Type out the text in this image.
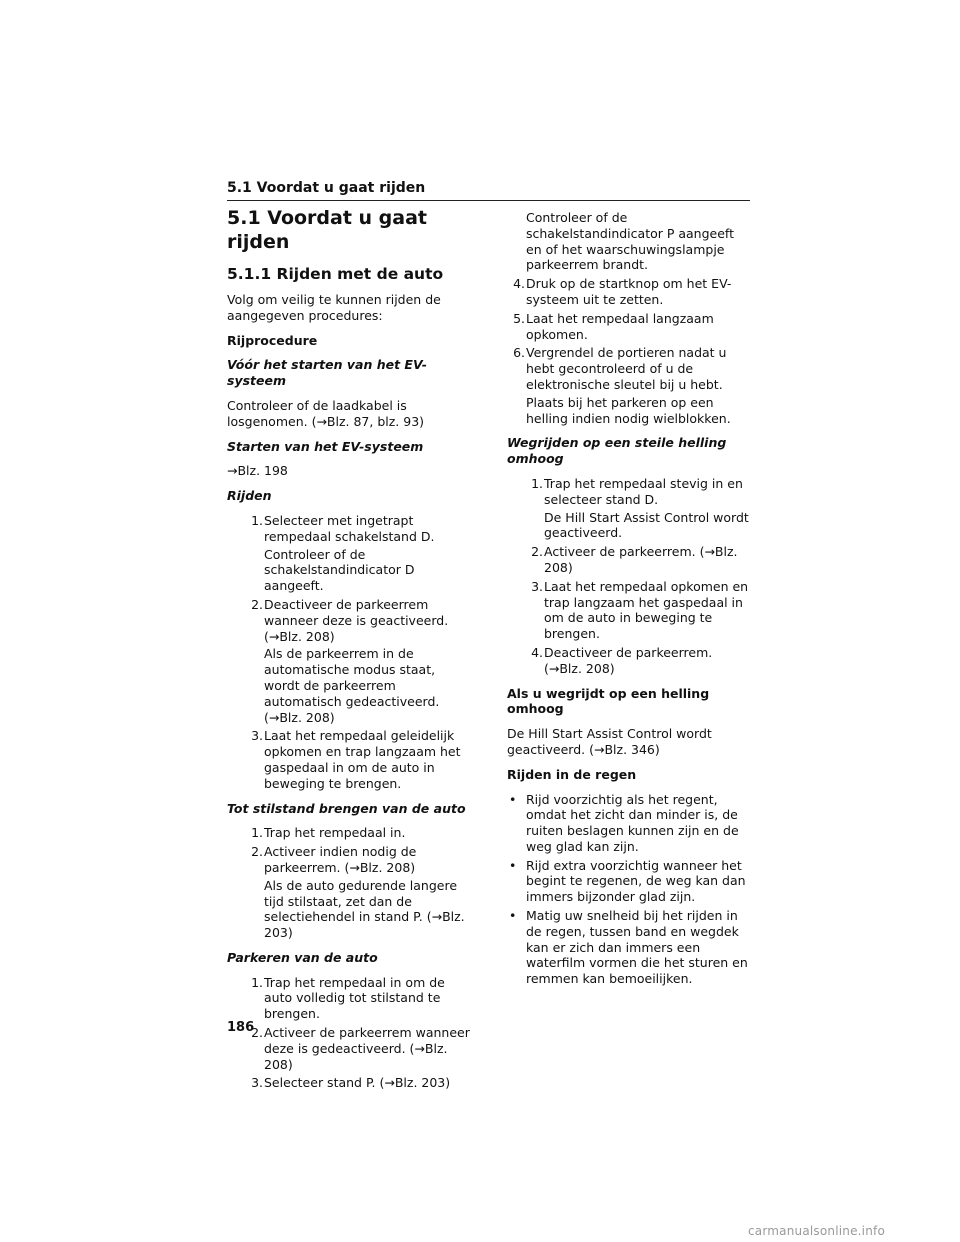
5.1 Voordat u gaat rijden
5.1 Voordat u gaat rijden
5.1.1 Rijden met de auto

Volg om veilig te kunnen rijden de aangegeven procedures:

Rijprocedure

Vóór het starten van het EV-systeem

Controleer of de laadkabel is losgenomen. (→Blz. 87, blz. 93)

Starten van het EV-systeem

→Blz. 198

Rijden

1. Selecteer met ingetrapt rempedaal schakelstand D.
Controleer of de schakelstandindicator D aangeeft.
2. Deactiveer de parkeerrem wanneer deze is geactiveerd. (→Blz. 208)
Als de parkeerrem in de automatische modus staat, wordt de parkeerrem automatisch gedeactiveerd. (→Blz. 208)
3. Laat het rempedaal geleidelijk opkomen en trap langzaam het gaspedaal in om de auto in beweging te brengen.

Tot stilstand brengen van de auto

1. Trap het rempedaal in.
2. Activeer indien nodig de parkeerrem. (→Blz. 208)
Als de auto gedurende langere tijd stilstaat, zet dan de selectiehendel in stand P. (→Blz. 203)

Parkeren van de auto

1. Trap het rempedaal in om de auto volledig tot stilstand te brengen.
2. Activeer de parkeerrem wanneer deze is gedeactiveerd. (→Blz. 208)
3. Selecteer stand P. (→Blz. 203)

Controleer of de schakelstandindicator P aangeeft en of het waarschuwingslampje parkeerrem brandt.

4. Druk op de startknop om het EV-systeem uit te zetten.
5. Laat het rempedaal langzaam opkomen.
6. Vergrendel de portieren nadat u hebt gecontroleerd of u de elektronische sleutel bij u hebt.
Plaats bij het parkeren op een helling indien nodig wielblokken.

Wegrijden op een steile helling omhoog

1. Trap het rempedaal stevig in en selecteer stand D.
De Hill Start Assist Control wordt geactiveerd.
2. Activeer de parkeerrem. (→Blz. 208)
3. Laat het rempedaal opkomen en trap langzaam het gaspedaal in om de auto in beweging te brengen.
4. Deactiveer de parkeerrem. (→Blz. 208)

Als u wegrijdt op een helling omhoog

De Hill Start Assist Control wordt geactiveerd. (→Blz. 346)

Rijden in de regen

• Rijd voorzichtig als het regent, omdat het zicht dan minder is, de ruiten beslagen kunnen zijn en de weg glad kan zijn.
• Rijd extra voorzichtig wanneer het begint te regenen, de weg kan dan immers bijzonder glad zijn.
• Matig uw snelheid bij het rijden in de regen, tussen band en wegdek kan er zich dan immers een waterfilm vormen die het sturen en remmen kan bemoeilijken.
186
carmanualsonline.info
